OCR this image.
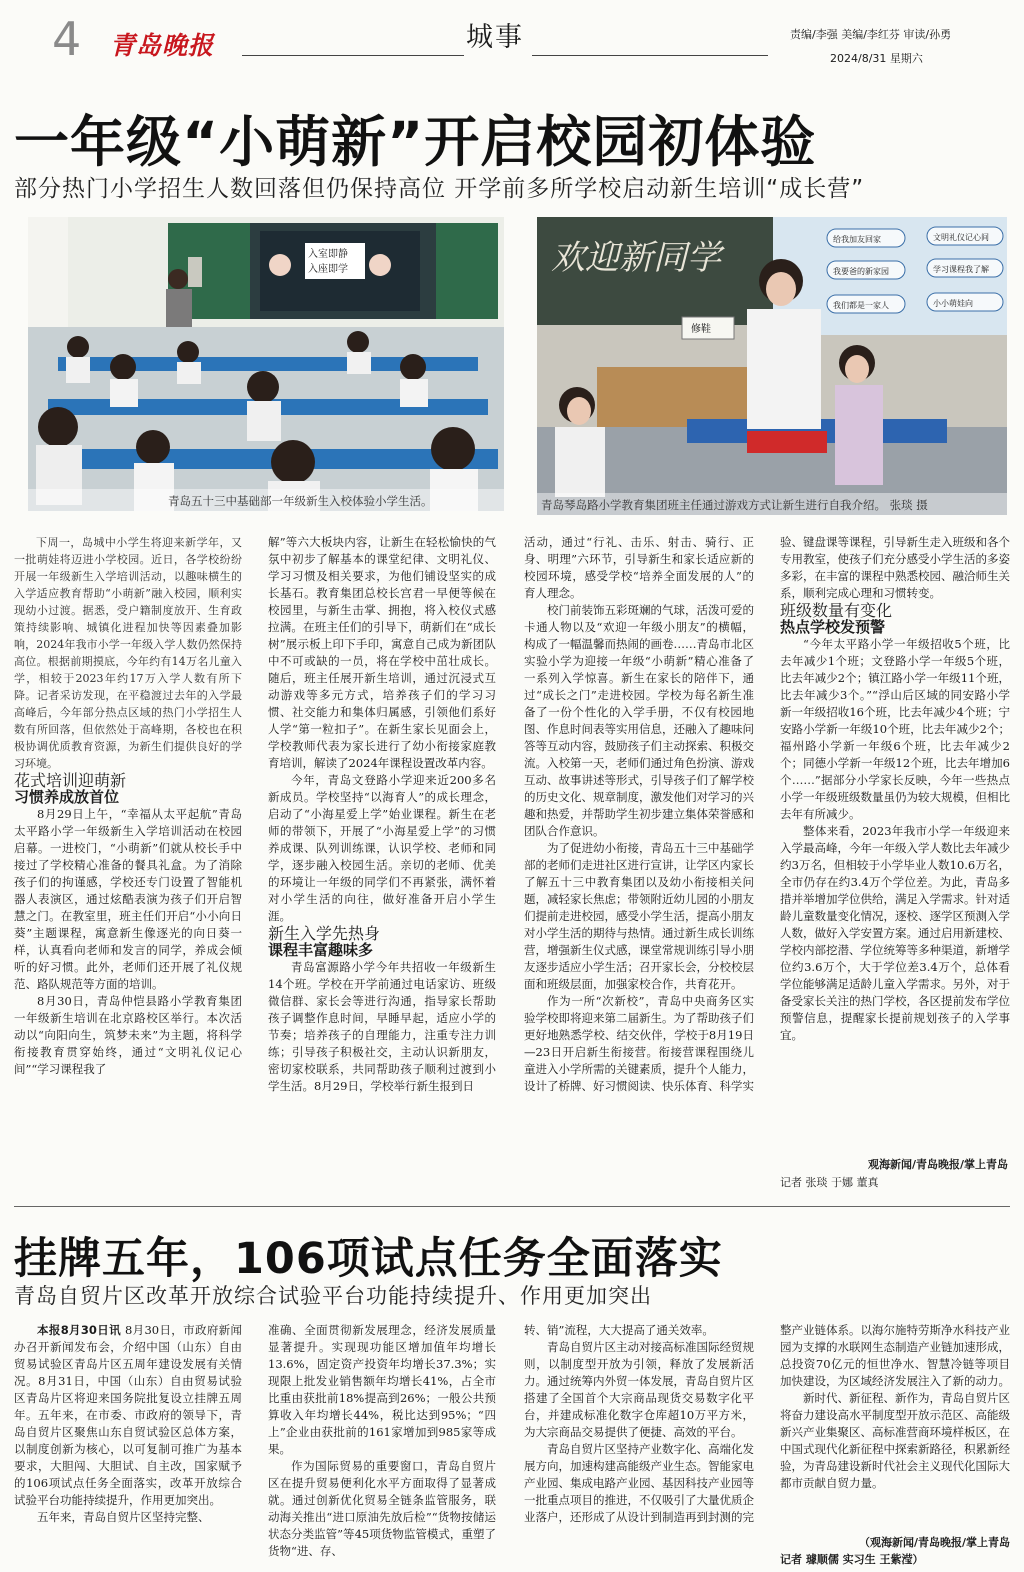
4 青岛晚报	城事	责编/李强 美编/李红芬 审读/孙勇
2024/8/31 星期六
一年级“小萌新”开启校园初体验
部分热门小学招生人数回落但仍保持高位 开学前多所学校启动新生培训“成长营”
入室即静
入座即学
青岛五十三中基础部一年级新生入校体验小学生活。
欢迎新同学	给我加友回家	文明礼仪记心间
我要爸的新家园	学习课程我了解
我们都是一家人	小小萌娃向
修鞋
青岛琴岛路小学教育集团班主任通过游戏方式让新生进行自我介绍。 张琰 摄

下周一，岛城中小学生将迎来新学年，又一批萌娃将迈进小学校园。近日，各学校纷纷开展一年级新生入学培训活动，以趣味横生的入学适应教育帮助“小萌新”融入校园，顺利实现幼小过渡。据悉，受户籍制度放开、生育政策持续影响、城镇化进程加快等因素叠加影响，2024年我市小学一年级入学人数仍然保持高位。根据前期摸底，今年约有14万名儿童入学，相较于2023年约17万入学人数有所下降。记者采访发现，在平稳渡过去年的入学最高峰后，今年部分热点区域的热门小学招生人数有所回落，但依然处于高峰期，各校也在积极协调优质教育资源，为新生们提供良好的学习环境。

花式培训迎萌新

习惯养成放首位

8月29日上午，“幸福从太平起航”青岛太平路小学一年级新生入学培训活动在校园启幕。一进校门，“小萌新”们就从校长手中接过了学校精心准备的餐具礼盒。为了消除孩子们的拘谨感，学校还专门设置了智能机器人表演区，通过炫酷表演为孩子们开启智慧之门。在教室里，班主任们开启“小小向日葵”主题课程，寓意新生像逐光的向日葵一样，认真看向老师和发言的同学，养成会倾听的好习惯。此外，老师们还开展了礼仪规范、路队规范等方面的培训。

8月30日，青岛仲恺县路小学教育集团一年级新生培训在北京路校区举行。本次活动以“向阳向生，筑梦未来”为主题，将科学衔接教育贯穿始终，通过“文明礼仪记心间”“学习课程我了

解”等六大板块内容，让新生在轻松愉快的气氛中初步了解基本的课堂纪律、文明礼仪、学习习惯及相关要求，为他们铺设坚实的成长基石。教育集团总校长宫君一早便等候在校园里，与新生击掌、拥抱，将入校仪式感拉满。在班主任们的引导下，萌新们在“成长树”展示板上印下手印，寓意自己成为新团队中不可或缺的一员，将在学校中茁壮成长。随后，班主任展开新生培训，通过沉浸式互动游戏等多元方式，培养孩子们的学习习惯、社交能力和集体归属感，引领他们系好人学“第一粒扣子”。在新生家长见面会上，学校教师代表为家长进行了幼小衔接家庭教育培训，解读了2024年课程设置改革内容。

今年，青岛文登路小学迎来近200多名新成员。学校坚持“以海育人”的成长理念，启动了“小海星爱上学”始业课程。新生在老师的带领下，开展了“小海星爱上学”的习惯养成课、队列训练课，认识学校、老师和同学，逐步融入校园生活。亲切的老师、优美的环境让一年级的同学们不再紧张，满怀着对小学生活的向往，做好准备开启小学生涯。

新生入学先热身

课程丰富趣味多

青岛富源路小学今年共招收一年级新生14个班。学校在开学前通过电话家访、班级微信群、家长会等进行沟通，指导家长帮助孩子调整作息时间，早睡早起，适应小学的节奏；培养孩子的自理能力，注重专注力训练；引导孩子积极社交，主动认识新朋友，密切家校联系，共同帮助孩子顺利过渡到小学生活。8月29日，学校举行新生报到日

活动，通过“行礼、击乐、射击、骑行、正身、明理”六环节，引导新生和家长适应新的校园环境，感受学校“培养全面发展的人”的育人理念。

校门前装饰五彩斑斓的气球，活泼可爱的卡通人物以及“欢迎一年级小朋友”的横幅，构成了一幅温馨而热闹的画卷……青岛市北区实验小学为迎接一年级“小萌新”精心准备了一系列入学惊喜。新生在家长的陪伴下，通过“成长之门”走进校园。学校为每名新生准备了一份个性化的入学手册，不仅有校园地图、作息时间表等实用信息，还融入了趣味问答等互动内容，鼓励孩子们主动探索、积极交流。入校第一天，老师们通过角色扮演、游戏互动、故事讲述等形式，引导孩子们了解学校的历史文化、规章制度，激发他们对学习的兴趣和热爱，并帮助学生初步建立集体荣誉感和团队合作意识。

为了促进幼小衔接，青岛五十三中基础学部的老师们走进社区进行宣讲，让学区内家长了解五十三中教育集团以及幼小衔接相关问题，减轻家长焦虑；带领附近幼儿园的小朋友们提前走进校园，感受小学生活，提高小朋友对小学生活的期待与热情。通过新生成长训练营，增强新生仪式感，课堂常规训练引导小朋友逐步适应小学生活；召开家长会，分校校层面和班级层面，加强家校合作，共育花开。

作为一所“次新校”，青岛中央商务区实验学校即将迎来第二届新生。为了帮助孩子们更好地熟悉学校、结交伙伴，学校于8月19日—23日开启新生衔接营。衔接营课程围绕儿童进入小学所需的关键素质，提升个人能力，设计了桥牌、好习惯阅读、快乐体育、科学实

验、键盘课等课程，引导新生走入班级和各个专用教室，使孩子们充分感受小学生活的多姿多彩，在丰富的课程中熟悉校园、融洽师生关系，顺利完成心理和习惯转变。

班级数量有变化

热点学校发预警

“今年太平路小学一年级招收5个班，比去年减少1个班；文登路小学一年级5个班，比去年减少2个；镇江路小学一年级11个班，比去年减少3个。”“浮山后区域的同安路小学新一年级招收16个班，比去年减少4个班；宁安路小学新一年级10个班，比去年减少2个；福州路小学新一年级6个班，比去年减少2个；同德小学新一年级12个班，比去年增加6个……”据部分小学家长反映，今年一些热点小学一年级班级数量虽仍为较大规模，但相比去年有所减少。

整体来看，2023年我市小学一年级迎来入学最高峰，今年一年级入学人数比去年减少约3万名，但相较于小学毕业人数10.6万名，全市仍存在约3.4万个学位差。为此，青岛多措并举增加学位供给，满足入学需求。针对适龄儿童数量变化情况，逐校、逐学区预测入学人数，做好入学安置方案。通过启用新建校、学校内部挖潜、学位统筹等多种渠道，新增学位约3.6万个，大于学位差3.4万个，总体看学位能够满足适龄儿童入学需求。另外，对于备受家长关注的热门学校，各区提前发布学位预警信息，提醒家长提前规划孩子的入学事宜。

观海新闻/青岛晚报/掌上青岛
记者 张琰 于娜 董真
挂牌五年，106项试点任务全面落实
青岛自贸片区改革开放综合试验平台功能持续提升、作用更加突出

本报8月30日讯 8月30日，市政府新闻办召开新闻发布会，介绍中国（山东）自由贸易试验区青岛片区五周年建设发展有关情况。8月31日，中国（山东）自由贸易试验区青岛片区将迎来国务院批复设立挂牌五周年。五年来，在市委、市政府的领导下，青岛自贸片区聚焦山东自贸试验区总体方案，以制度创新为核心，以可复制可推广为基本要求，大胆闯、大胆试、自主改，国家赋予的106项试点任务全面落实，改革开放综合试验平台功能持续提升，作用更加突出。

五年来，青岛自贸片区坚持完整、

准确、全面贯彻新发展理念，经济发展质量显著提升。实现现功能区增加值年均增长13.6%，固定资产投资年均增长37.3%；实现限上批发业销售额年均增长41%，占全市比重由获批前18%提高到26%；一般公共预算收入年均增长44%，税比达到95%；“四上”企业由获批前的161家增加到985家等成果。

作为国际贸易的重要窗口，青岛自贸片区在提升贸易便利化水平方面取得了显著成就。通过创新优化贸易全链条监管服务，联动海关推出“进口原油先放后检”“货物按储运状态分类监管”等45项货物监管模式，重塑了货物“进、存、

转、销”流程，大大提高了通关效率。

青岛自贸片区主动对接高标准国际经贸规则，以制度型开放为引领，释放了发展新活力。通过统筹内外贸一体发展，青岛自贸片区搭建了全国首个大宗商品现货交易数字化平台，并建成标准化数字仓库超10万平方米，为大宗商品交易提供了便捷、高效的平台。

青岛自贸片区坚持产业数字化、高端化发展方向，加速构建高能级产业生态。智能家电产业园、集成电路产业园、基因科技产业园等一批重点项目的推进，不仅吸引了大量优质企业落户，还形成了从设计到制造再到封测的完

整产业链体系。以海尔施特劳斯净水科技产业园为支撑的水联网生态制造产业链加速形成，总投资70亿元的恒世净水、智慧冷链等项目加快建设，为区域经济发展注入了新的动力。

新时代、新征程、新作为，青岛自贸片区将奋力建设高水平制度型开放示范区、高能级新兴产业集聚区、高标准营商环境样板区，在中国式现代化新征程中探索新路径，积累新经验，为青岛建设新时代社会主义现代化国际大都市贡献自贸力量。

（观海新闻/青岛晚报/掌上青岛
记者 璩顺儒 实习生 王紫滢）
